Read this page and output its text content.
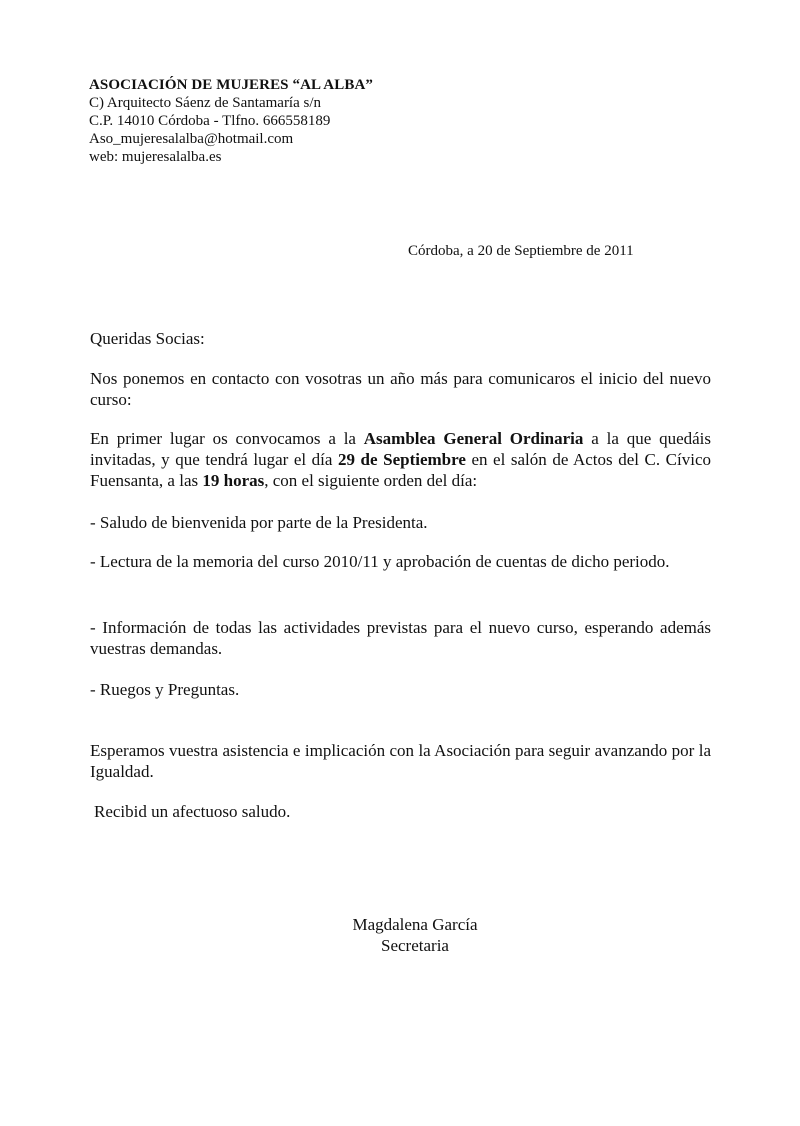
ASOCIACIÓN DE MUJERES “AL ALBA”
C) Arquitecto Sáenz de Santamaría s/n
C.P. 14010 Córdoba - Tlfno. 666558189
Aso_mujeresalalba@hotmail.com
web: mujeresalalba.es
Córdoba, a 20 de Septiembre de 2011

Queridas Socias:

Nos ponemos en contacto con vosotras un año más para comunicaros el inicio del nuevo curso:

En primer lugar os convocamos a la Asamblea General Ordinaria a la que quedáis invitadas, y que tendrá lugar el día 29 de Septiembre en el salón de Actos del C. Cívico Fuensanta, a las 19 horas, con el siguiente orden del día:

- Saludo de bienvenida por parte de la Presidenta.

- Lectura de la memoria del curso 2010/11 y aprobación de cuentas de dicho periodo.

- Información de todas las actividades previstas para el nuevo curso, esperando además vuestras demandas.

- Ruegos y Preguntas.

Esperamos vuestra asistencia e implicación con la Asociación para seguir avanzando por la Igualdad.

Recibid un afectuoso saludo.

Magdalena García
Secretaria
